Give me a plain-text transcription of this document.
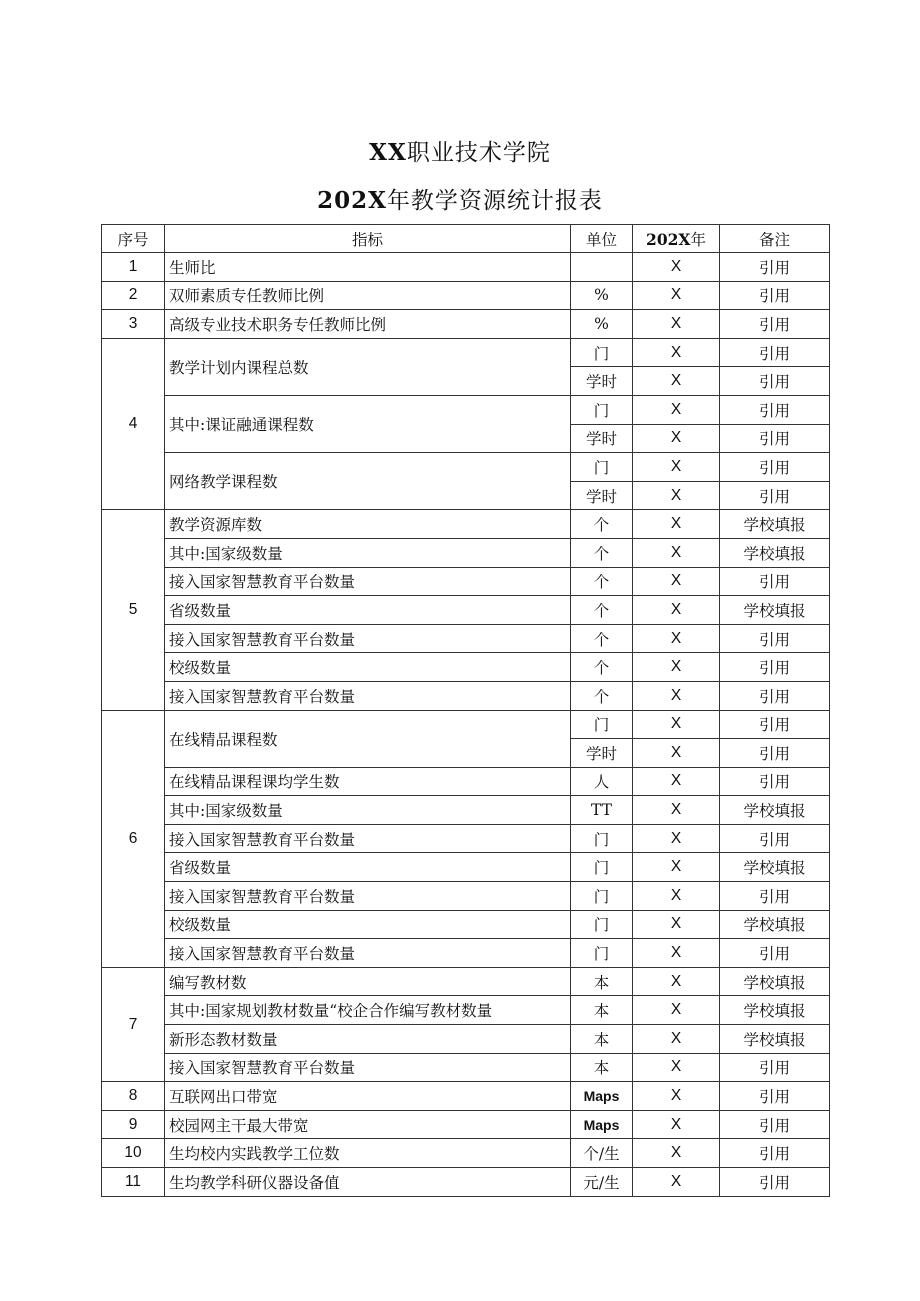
XX职业技术学院
202X年教学资源统计报表
序号	指标	单位	202X年	备注
1	生师比		X	引用
2	双师素质专任教师比例	%	X	引用
3	高级专业技术职务专任教师比例	%	X	引用
4	教学计划内课程总数	门	X	引用
		学时	X	引用
	其中:课证融通课程数	门	X	引用
		学时	X	引用
	网络教学课程数	门	X	引用
		学时	X	引用
5	教学资源库数	个	X	学校填报
	其中:国家级数量	个	X	学校填报
	接入国家智慧教育平台数量	个	X	引用
	省级数量	个	X	学校填报
	接入国家智慧教育平台数量	个	X	引用
	校级数量	个	X	引用
	接入国家智慧教育平台数量	个	X	引用
6	在线精品课程数	门	X	引用
		学时	X	引用
	在线精品课程课均学生数	人	X	引用
	其中:国家级数量	TT	X	学校填报
	接入国家智慧教育平台数量	门	X	引用
	省级数量	门	X	学校填报
	接入国家智慧教育平台数量	门	X	引用
	校级数量	门	X	学校填报
	接入国家智慧教育平台数量	门	X	引用
7	编写教材数	本	X	学校填报
	其中:国家规划教材数量“校企合作编写教材数量	本	X	学校填报
	新形态教材数量	本	X	学校填报
	接入国家智慧教育平台数量	本	X	引用
8	互联网出口带宽	Maps	X	引用
9	校园网主干最大带宽	Maps	X	引用
10	生均校内实践教学工位数	个/生	X	引用
11	生均教学科研仪器设备值	元/生	X	引用
